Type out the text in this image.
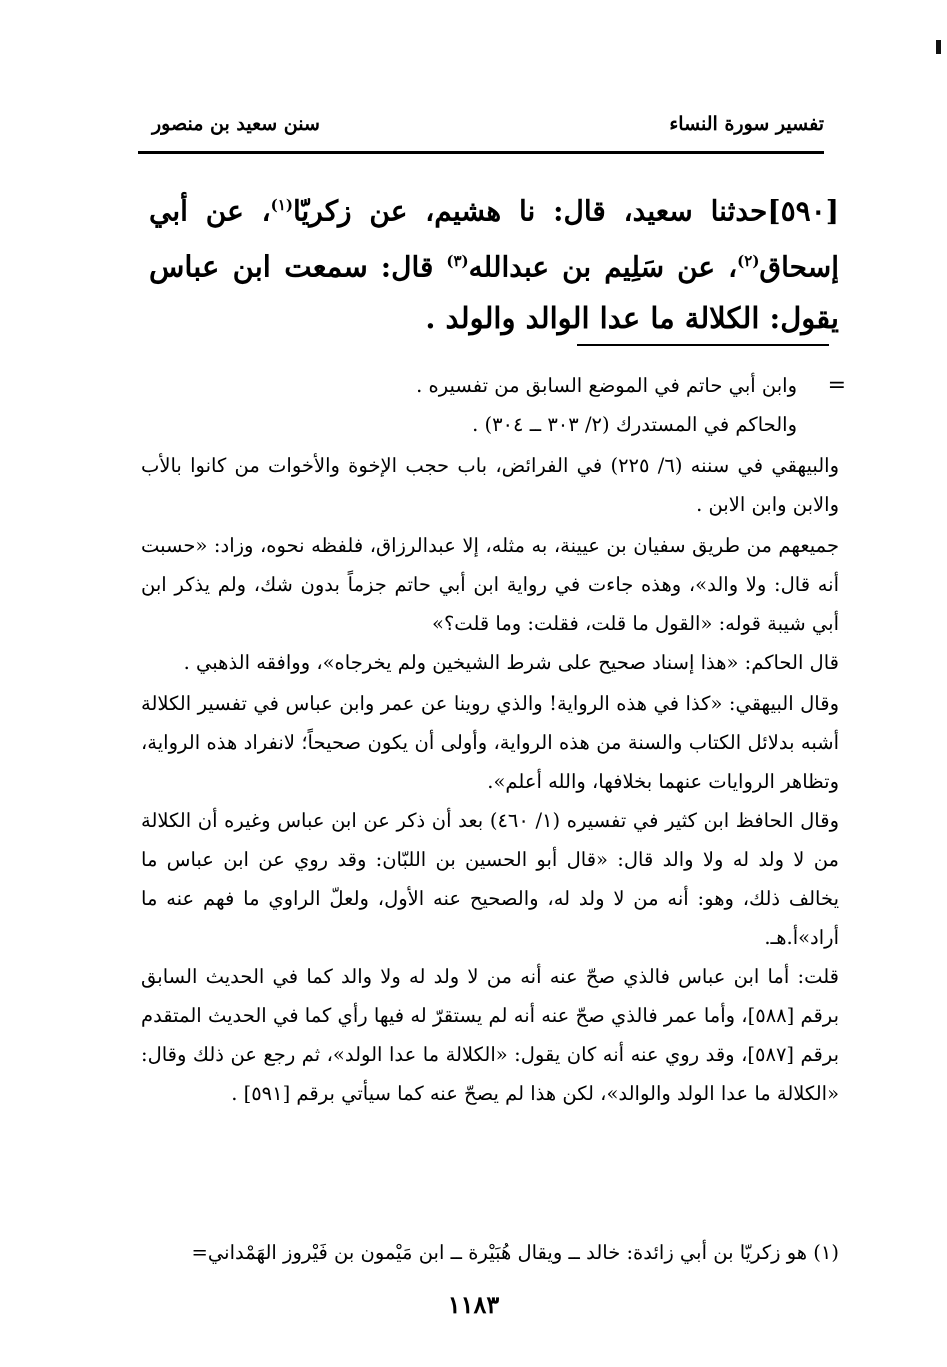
تفسير سورة النساء
سنن سعيد بن منصور
[٥٩٠]حدثنا سعيد، قال: نا هشيم، عن زكريّا$^{(١)}$، عن أبي إسحاق$^{(٢)}$، عن سَلِيم بن عبدالله$^{(٣)}$ قال: سمعت ابن عباس يقول: الكلالة ما عدا الوالد والولد .
=

وابن أبي حاتم في الموضع السابق من تفسيره .

والحاكم في المستدرك (٢/ ٣٠٣ ــ ٣٠٤) .

والبيهقي في سننه (٦/ ٢٢٥) في الفرائض، باب حجب الإخوة والأخوات من كانوا بالأب والابن وابن الابن .

جميعهم من طريق سفيان بن عيينة، به مثله، إلا عبدالرزاق، فلفظه نحوه، وزاد: «حسبت أنه قال: ولا والد»، وهذه جاءت في رواية ابن أبي حاتم جزماً بدون شك، ولم يذكر ابن أبي شيبة قوله: «القول ما قلت، فقلت: وما قلت؟»

قال الحاكم: «هذا إسناد صحيح على شرط الشيخين ولم يخرجاه»، ووافقه الذهبي .

وقال البيهقي: «كذا في هذه الرواية! والذي روينا عن عمر وابن عباس في تفسير الكلالة أشبه بدلائل الكتاب والسنة من هذه الرواية، وأولى أن يكون صحيحاً؛ لانفراد هذه الرواية، وتظاهر الروايات عنهما بخلافها، والله أعلم».

وقال الحافظ ابن كثير في تفسيره (١/ ٤٦٠) بعد أن ذكر عن ابن عباس وغيره أن الكلالة من لا ولد له ولا والد قال: «قال أبو الحسين بن اللبّان: وقد روي عن ابن عباس ما يخالف ذلك، وهو: أنه من لا ولد له، والصحيح عنه الأول، ولعلّ الراوي ما فهم عنه ما أراد»أ.هـ.

قلت: أما ابن عباس فالذي صحّ عنه أنه من لا ولد له ولا والد كما في الحديث السابق برقم [٥٨٨]، وأما عمر فالذي صحّ عنه أنه لم يستقرّ له فيها رأي كما في الحديث المتقدم برقم [٥٨٧]، وقد روي عنه أنه كان يقول: «الكلالة ما عدا الولد»، ثم رجع عن ذلك وقال: «الكلالة ما عدا الولد والوالد»، لكن هذا لم يصحّ عنه كما سيأتي برقم [٥٩١] .

(١) هو زكريّا بن أبي زائدة: خالد ــ ويقال هُبَيْرة ــ ابن مَيْمون بن فَيْروز الهَمْداني=
١١٨٣
